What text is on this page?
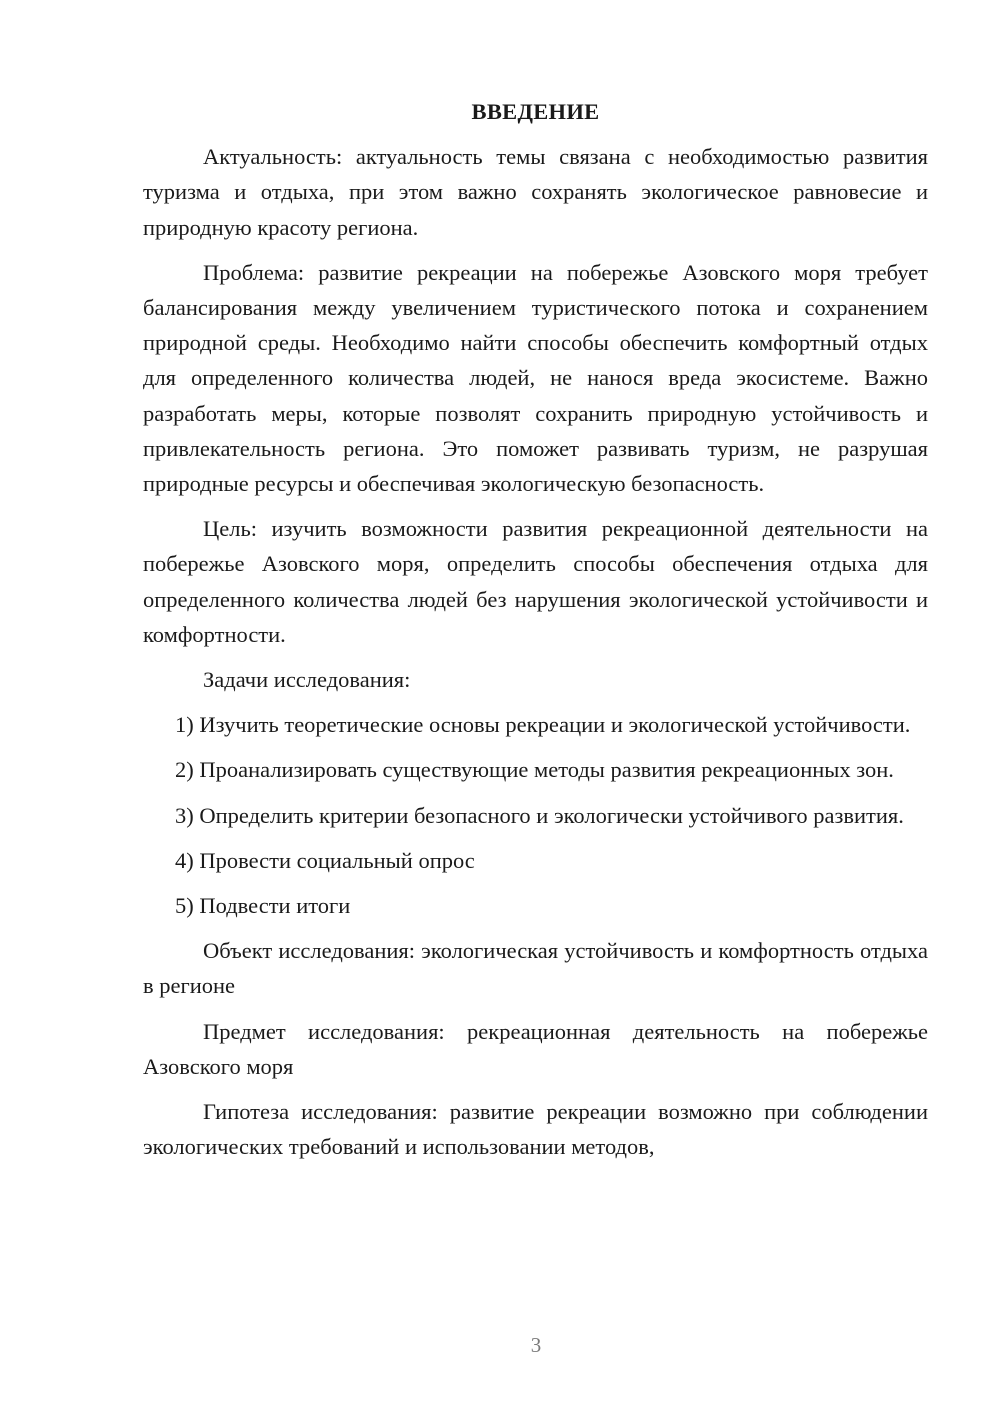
ВВЕДЕНИЕ

Актуальность: актуальность темы связана с необходимостью развития туризма и отдыха, при этом важно сохранять экологическое равновесие и природную красоту региона.

Проблема: развитие рекреации на побережье Азовского моря требует балансирования между увеличением туристического потока и сохранением природной среды. Необходимо найти способы обеспечить комфортный отдых для определенного количества людей, не нанося вреда экосистеме. Важно разработать меры, которые позволят сохранить природную устойчивость и привлекательность региона. Это поможет развивать туризм, не разрушая природные ресурсы и обеспечивая экологическую безопасность.

Цель: изучить возможности развития рекреационной деятельности на побережье Азовского моря, определить способы обеспечения отдыха для определенного количества людей без нарушения экологической устойчивости и комфортности.

Задачи исследования:

1) Изучить теоретические основы рекреации и экологической устойчивости.

2) Проанализировать существующие методы развития рекреационных зон.

3) Определить критерии безопасного и экологически устойчивого развития.

4) Провести социальный опрос

5) Подвести итоги

Объект исследования: экологическая устойчивость и комфортность отдыха в регионе

Предмет исследования: рекреационная деятельность на побережье Азовского моря

Гипотеза исследования: развитие рекреации возможно при соблюдении экологических требований и использовании методов,

3
